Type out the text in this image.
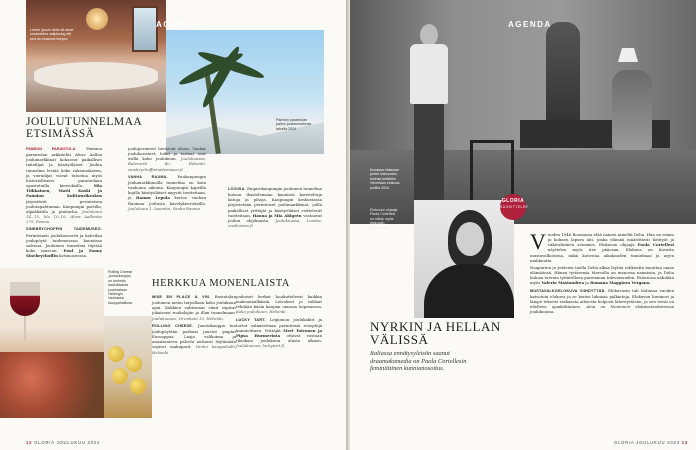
Lorem ipsum dolor sit amet consectetur adipiscing elit sed do eiusmod tempor.
Paimion parantolan
palmu joulutunnelmaa
talvella 2024.
AGENDA
JOULUTUNNELMAA ETSIMÄSSÄ

PAIMION PARANTOLA.	Paimion parantolan arkkitehti Alvar Aallon joulumarkkinat kokoavat paikalliset taiteilijat ja käsityöläiset. Joulun tunnelma leviää koko rakennukseen, ja vierailijat voivat tutustua myös historialliseen parantolaan opastetuilla kierroksilla.	Mia Tiikkainen, Matti Koski ja Paimion kulttuurikeskus järjestävät perinteisen joulutapahtuman. Kaupungin portilla, alpakkatila ja puutarha. Joulukuun 14.–15. klo 10–16, Alvar Aallontie 275, Paimio.

SINEBRYCHOFFIN TAIDEMUSEO. Perinteinen joulukonsertti ja kahvilan joulupöytä taidemuseon kauniissa saleissa. Jouluinen tunnelma täyttää koko museon. Paul ja Fanny Sinebrychoffin kotimuseossa.

jouluperinteet heräävät eloon. Vanhat joulukoristeet, leikit ja tarinat ovat esillä koko joulukuun. Joulukuussa, Bulevardi 40, Helsinki. sinebrychoffintaidemuseo.fi

VANHA RAUMA. Puukaupungin joulumarkkinoilla tunnelma on kuin vanhoina aikoina. Kaupungin kapeilla kujilla käsityöläiset myyvät tuotteitaan, ja Hannu Lepola kertoo vanhan Rauman joulusta kävelykierroksilla. Joulukuun 1. lauantai, Vanha Rauma.

LOVIISA. Empirekaupungin jouluinen tunnelma kutsuu ihastelemaan kauniisti koristeltuja katuja ja pihoja. Kaupungin keskustassa järjestetään perinteiset joulumarkkinat, joilla paikalliset yrittäjät ja käsityöläiset esittelevät tuotteitaan. Hanna ja Mia Ahlgrén vastaavat joulun ohjelmasta. Joulukuussa, Loviisa. visitloviisa.fi

Rolling Cheese
-juustokauppa
on tunnettu
laadukkaista
juustoistaan
Helsingin
Vanhassa
kauppahallissa.
HERKKUA MONENLAISTA

MISE EN PLACE & VIN. Ravintolan jouluinen menu tarjoillaan koko joulukuun ajan. Kokkien valitsemat viinit sopivat jokaiseen ruokalajiin ja illan tunnelmaan. Joulukuussa, Vironkatu 10, Helsinki.

ROLLING CHEESE. Juustokauppa tuo joulupöytään parhaat juustot ympäri Eurooppaa. Laaja valikoima ja asiantunteva palvelu auttavat löytämään sopivat makuparit. Vanha kauppahalli, Helsinki.

jouluiset herkut houkuttelevat kaikkia makeannälkäisiä. Leivokset ja suklaat tehdään käsin kaupan omassa leipomossa. Koko joulukuun, Helsinki.

LUCKY TART. Leipomon joulukakut ja tortut valmistetaan perinteisiä reseptejä kunnioittaen. Yrittäjät Meri Toivonen ja Pipsa Hurmerinta ottavat vastaan tilauksia joulukuun alusta alkaen. Joulukuussa, luckytart.fi

12 GLORIA JOULUKUU 2024
Kuvassa elokuvan
perhe kokoontuu
kotinsa keittiöön
Venetsian elokuva-
juhlilla 2024.
AGENDA
Elokuvan ohjaaja
Paola Cortellesi
on nähty myös
elokuvan
pääosassa.
GLORIA
SUOSITTELEE
NYRKIN JA HELLAN VÄLISSÄ
Italiassa ennätysyleisön saanut draamakomedia on Paola Cortellesin feminiittinen kunnianosoitus.

Vuoden 1946 Roomassa elää nainen nimeltä Delia. Hän on vaimo ja kolmen lapsen äiti, jonka elämää määrittävät kotityöt ja väkivaltainen aviomies. Elokuvan ohjaaja Paola Cortellesi näyttelee myös itse pääosaa. Elokuva on kuvattu mustavalkoisena, mikä korostaa aikakauden tunnelmaa ja arjen niukkuutta.

Naapurien ja ystävien tuella Delia alkaa löytää rohkeutta muuttaa omaa elämäänsä. Hänen tyttärensä Marcella on menossa naimisiin, ja Delia haluaa turvata tyttärelleen paremman tulevaisuuden. Pääosissa nähdään myös Valerio Mastandrea ja Romana Maggiora Vergano.

MUSTAVALKOELOKUVA VIIHDYTTÄÄ. Elokuvasta tuli Italiassa vuoden katsotuin elokuva ja se keräsi lukuisia palkintoja. Elokuvan huumori ja lämpö tekevät raskaasta aiheesta helposti lähestyttävän, ja sen viesti on edelleen ajankohtainen. Aina on huominen elokuvateattereissa joulukuussa.

GLORIA JOULUKUU 2024 13
